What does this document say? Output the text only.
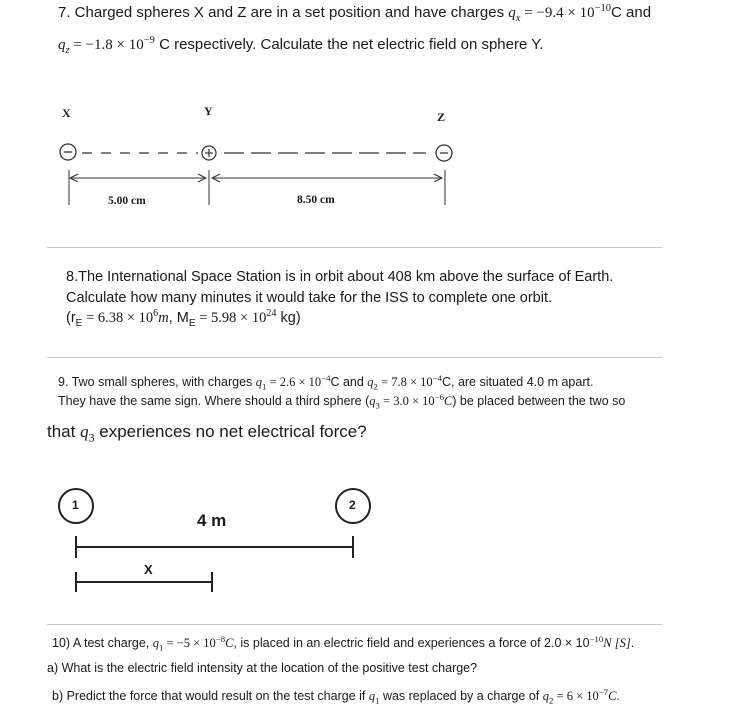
7. Charged spheres X and Z are in a set position and have charges $q_x = -9.4 \times 10^{-10}C$ and
$q_z = -1.8 \times 10^{-9}$ C respectively. Calculate the net electric field on sphere Y.
X	Y	Z
5.00 cm	8.50 cm
8.The International Space Station is in orbit about 408 km above the surface of Earth.
Calculate how many minutes it would take for the ISS to complete one orbit.
($r_E = 6.38 \times 10^6m$, $M_E = 5.98 \times 10^{24}$ kg)
9. Two small spheres, with charges $q_1 = 2.6 \times 10^{-4}C$ and $q_2 = 7.8 \times 10^{-4}C$, are situated 4.0 m apart.
They have the same sign. Where should a third sphere $(q_3 = 3.0 \times 10^{-6}C)$ be placed between the two so
that $q_3$ experiences no net electrical force?
1	2
4 m
X
10) A test charge, $q_1 = -5 \times 10^{-8}C$, is placed in an electric field and experiences a force of $2.0 \times 10^{-10}N$ [S].
a) What is the electric field intensity at the location of the positive test charge?
b) Predict the force that would result on the test charge if $q_1$ was replaced by a charge of $q_2 = 6 \times 10^{-7}C$.
